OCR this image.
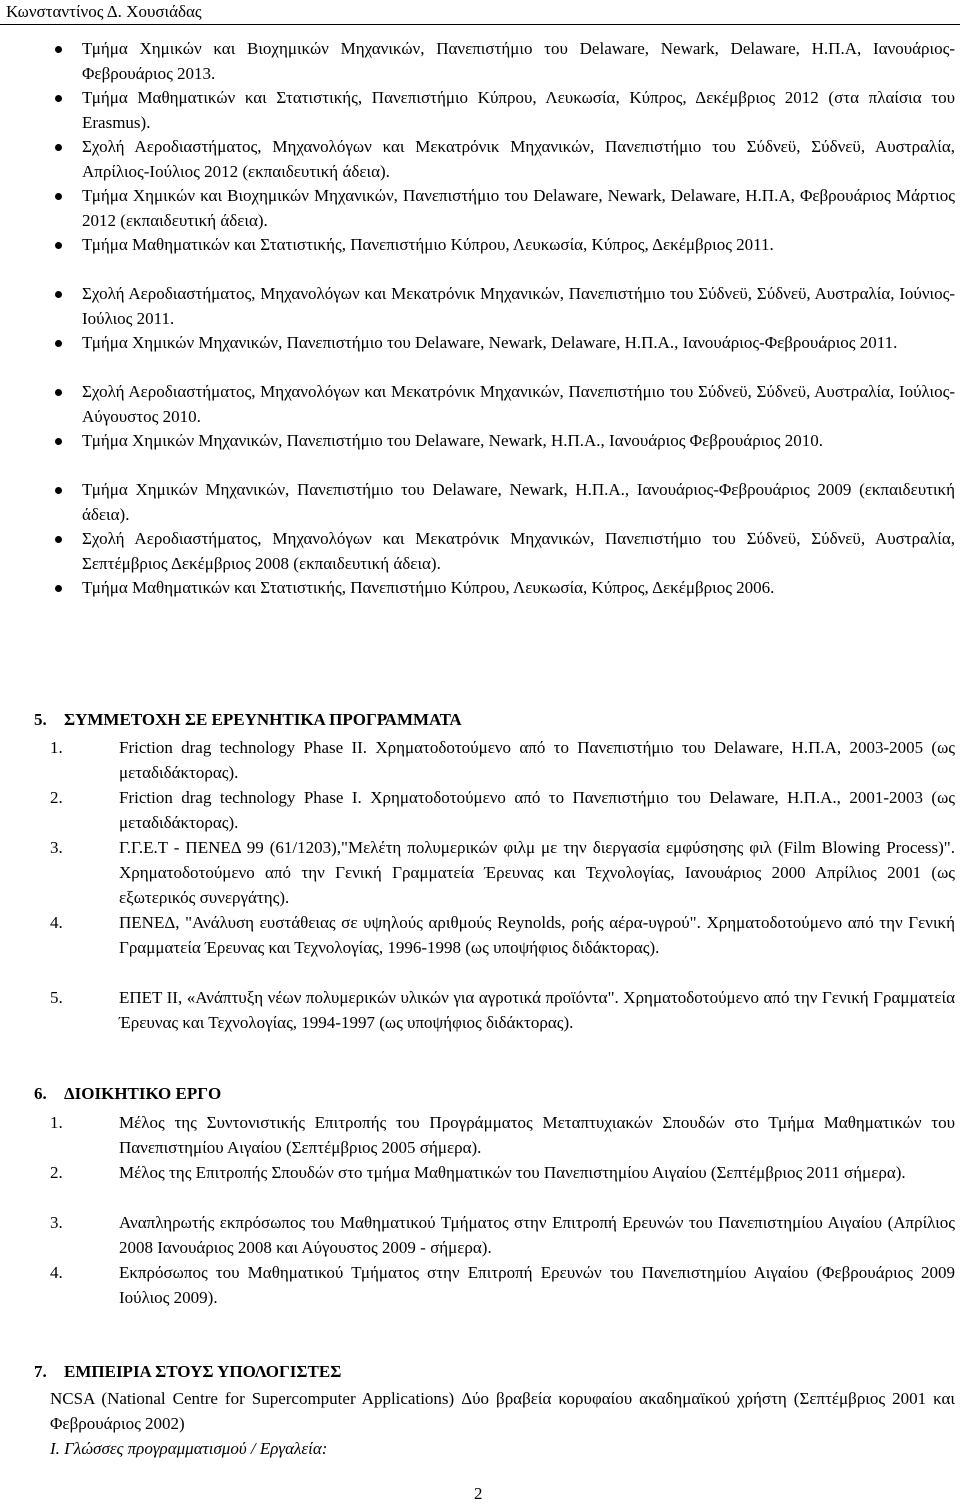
Κωνσταντίνος Δ. Χουσιάδας
Τμήμα Χημικών και Βιοχημικών Μηχανικών, Πανεπιστήμιο του Delaware, Newark, Delaware, Η.Π.Α, Ιανουάριος-Φεβρουάριος 2013.
Τμήμα Μαθηματικών και Στατιστικής, Πανεπιστήμιο Κύπρου, Λευκωσία, Κύπρος, Δεκέμβριος 2012 (στα πλαίσια του Erasmus).
Σχολή Αεροδιαστήματος, Μηχανολόγων και Μεκατρόνικ Μηχανικών, Πανεπιστήμιο του Σύδνεϋ, Σύδνεϋ, Αυστραλία, Απρίλιος-Ιούλιος 2012 (εκπαιδευτική άδεια).
Τμήμα Χημικών και Βιοχημικών Μηχανικών, Πανεπιστήμιο του Delaware, Newark, Delaware, Η.Π.Α, Φεβρουάριος Μάρτιος 2012 (εκπαιδευτική άδεια).
Τμήμα Μαθηματικών και Στατιστικής, Πανεπιστήμιο Κύπρου, Λευκωσία, Κύπρος, Δεκέμβριος 2011.
Σχολή Αεροδιαστήματος, Μηχανολόγων και Μεκατρόνικ Μηχανικών, Πανεπιστήμιο του Σύδνεϋ, Σύδνεϋ, Αυστραλία, Ιούνιος-Ιούλιος 2011.
Τμήμα Χημικών Μηχανικών, Πανεπιστήμιο του Delaware, Newark, Delaware, Η.Π.Α., Ιανουάριος-Φεβρουάριος 2011.
Σχολή Αεροδιαστήματος, Μηχανολόγων και Μεκατρόνικ Μηχανικών, Πανεπιστήμιο του Σύδνεϋ, Σύδνεϋ, Αυστραλία, Ιούλιος-Αύγουστος 2010.
Τμήμα Χημικών Μηχανικών, Πανεπιστήμιο του Delaware, Newark, Η.Π.Α., Ιανουάριος Φεβρουάριος 2010.
Τμήμα Χημικών Μηχανικών, Πανεπιστήμιο του Delaware, Newark, Η.Π.Α., Ιανουάριος-Φεβρουάριος 2009 (εκπαιδευτική άδεια).
Σχολή Αεροδιαστήματος, Μηχανολόγων και Μεκατρόνικ Μηχανικών, Πανεπιστήμιο του Σύδνεϋ, Σύδνεϋ, Αυστραλία, Σεπτέμβριος Δεκέμβριος 2008 (εκπαιδευτική άδεια).
Τμήμα Μαθηματικών και Στατιστικής, Πανεπιστήμιο Κύπρου, Λευκωσία, Κύπρος, Δεκέμβριος 2006.
5. ΣΥΜΜΕΤΟΧΗ ΣΕ ΕΡΕΥΝΗΤΙΚΑ ΠΡΟΓΡΑΜΜΑΤΑ
1.	Friction drag technology Phase II. Χρηματοδοτούμενο από το Πανεπιστήμιο του Delaware, Η.Π.Α, 2003-2005 (ως μεταδιδάκτορας).
2.	Friction drag technology Phase I. Χρηματοδοτούμενο από το Πανεπιστήμιο του Delaware, Η.Π.Α., 2001-2003 (ως μεταδιδάκτορας).
3.	Γ.Γ.Ε.Τ - ΠΕΝΕΔ 99 (61/1203),"Μελέτη πολυμερικών φιλμ με την διεργασία εμφύσησης φιλ (Film Blowing Process)". Χρηματοδοτούμενο από την Γενική Γραμματεία Έρευνας και Τεχνολογίας, Ιανουάριος 2000 Απρίλιος 2001 (ως εξωτερικός συνεργάτης).
4.	ΠΕΝΕΔ, "Ανάλυση ευστάθειας σε υψηλούς αριθμούς Reynolds, ροής αέρα-υγρού". Χρηματοδοτούμενο από την Γενική Γραμματεία Έρευνας και Τεχνολογίας, 1996-1998 (ως υποψήφιος διδάκτορας).
5.	ΕΠΕΤ ΙΙ, «Ανάπτυξη νέων πολυμερικών υλικών για αγροτικά προϊόντα". Χρηματοδοτούμενο από την Γενική Γραμματεία Έρευνας και Τεχνολογίας, 1994-1997 (ως υποψήφιος διδάκτορας).
6. ΔΙΟΙΚΗΤΙΚΟ ΕΡΓΟ
1.	Μέλος της Συντονιστικής Επιτροπής του Προγράμματος Μεταπτυχιακών Σπουδών στο Τμήμα Μαθηματικών του Πανεπιστημίου Αιγαίου (Σεπτέμβριος 2005 σήμερα).
2.	Μέλος της Επιτροπής Σπουδών στο τμήμα Μαθηματικών του Πανεπιστημίου Αιγαίου (Σεπτέμβριος 2011 σήμερα).
3.	Αναπληρωτής εκπρόσωπος του Μαθηματικού Τμήματος στην Επιτροπή Ερευνών του Πανεπιστημίου Αιγαίου (Απρίλιος 2008 Ιανουάριος 2008 και Αύγουστος 2009 - σήμερα).
4.	Εκπρόσωπος του Μαθηματικού Τμήματος στην Επιτροπή Ερευνών του Πανεπιστημίου Αιγαίου (Φεβρουάριος 2009 Ιούλιος 2009).
7. ΕΜΠΕΙΡΙΑ ΣΤΟΥΣ ΥΠΟΛΟΓΙΣΤΕΣ
NCSA (National Centre for Supercomputer Applications) Δύο βραβεία κορυφαίου ακαδημαϊκού χρήστη (Σεπτέμβριος 2001 και Φεβρουάριος 2002)
Ι. Γλώσσες προγραμματισμού / Εργαλεία:
2
